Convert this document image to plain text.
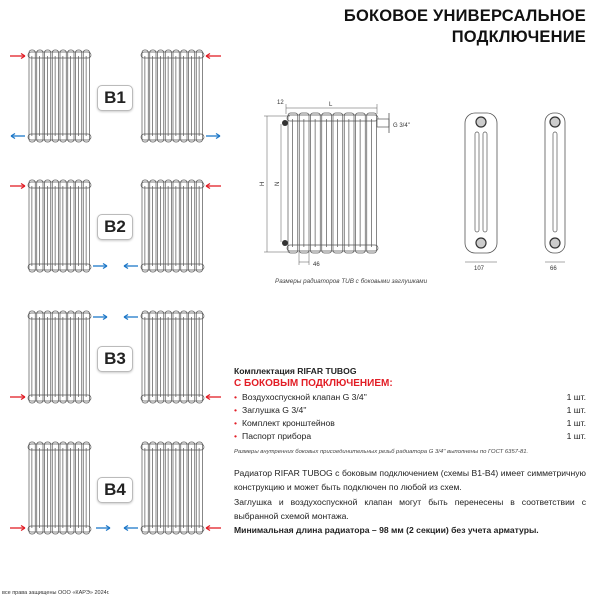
БОКОВОЕ УНИВЕРСАЛЬНОЕ
ПОДКЛЮЧЕНИЕ
L
12
H N
46
G 3/4''
107	66
B1
B2
B3
B4
Размеры радиаторов TUB с боковыми заглушками
Комплектация RIFAR TUBOG
С БОКОВЫМ ПОДКЛЮЧЕНИЕМ:
• Воздухоспускной клапан G 3/4''	1 шт.
• Заглушка G 3/4''	1 шт.
• Комплект кронштейнов	1 шт.
• Паспорт прибора	1 шт.
Размеры внутренних боковых присоединительных резьб радиатора G 3/4'' выполнены по ГОСТ 6357-81.
Радиатор RIFAR TUBOG с боковым подключением (схемы B1-B4) имеет симметричную конструкцию и может быть подключен по любой из схем.
Заглушка и воздухоспускной клапан могут быть перенесены в соответствии с выбранной схемой монтажа.
Минимальная длина радиатора – 98 мм (2 секции) без учета арматуры.
все права защищены ООО «КАРЭ» 2024г.
